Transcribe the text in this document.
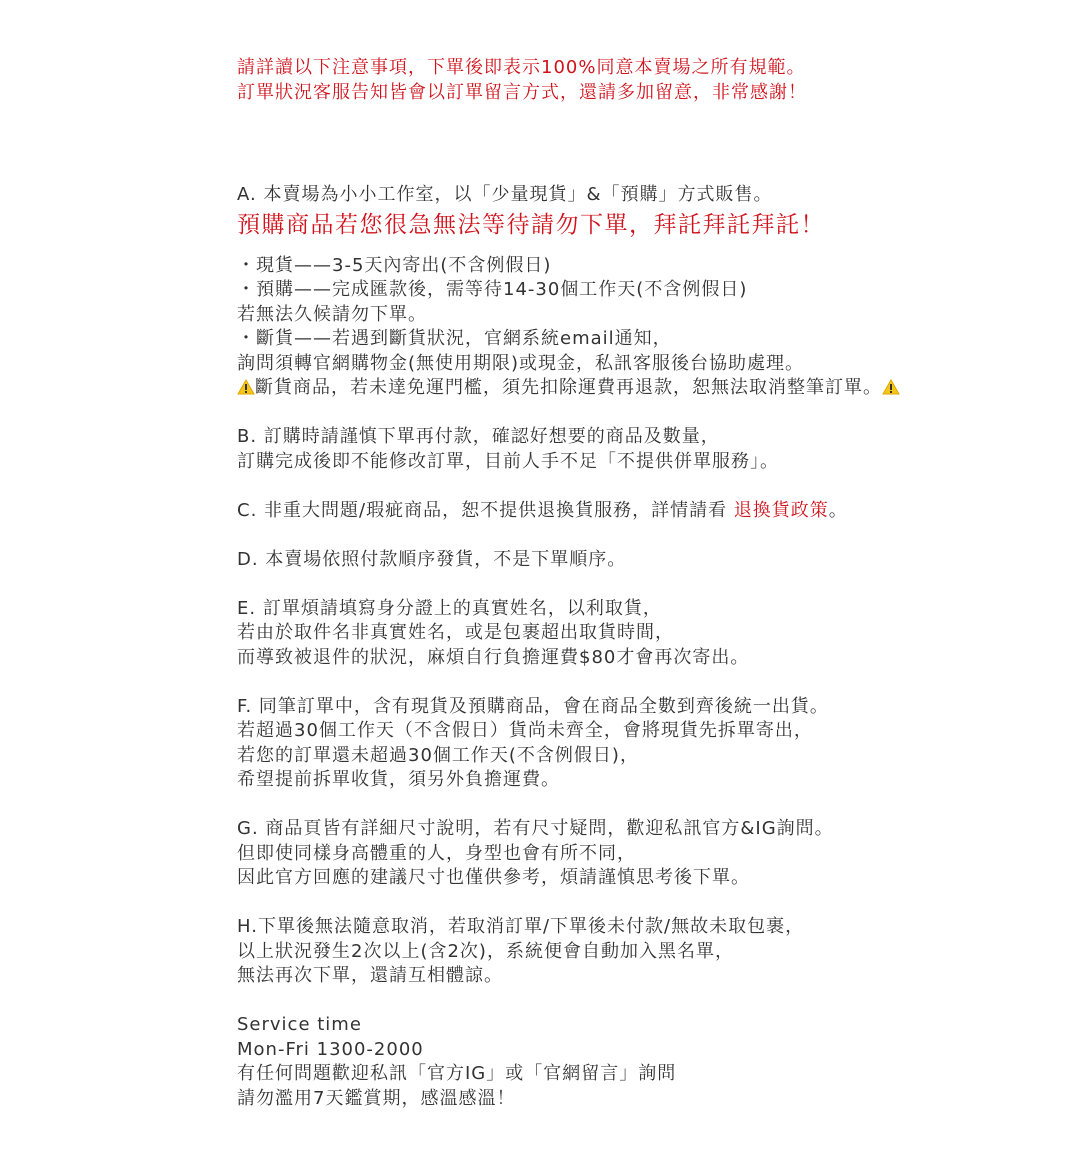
請詳讀以下注意事項，下單後即表示100%同意本賣場之所有規範。

訂單狀況客服告知皆會以訂單留言方式，還請多加留意，非常感謝！

A. 本賣場為小小工作室，以「少量現貨」&「預購」方式販售。

預購商品若您很急無法等待請勿下單，拜託拜託拜託！

・現貨——3-5天內寄出(不含例假日)

・預購——完成匯款後，需等待14-30個工作天(不含例假日)

若無法久候請勿下單。

・斷貨——若遇到斷貨狀況，官網系統email通知，

詢問須轉官網購物金(無使用期限)或現金，私訊客服後台協助處理。

斷貨商品，若未達免運門檻，須先扣除運費再退款，恕無法取消整筆訂單。

B. 訂購時請謹慎下單再付款，確認好想要的商品及數量，

訂購完成後即不能修改訂單，目前人手不足「不提供併單服務」。

C. 非重大問題/瑕疵商品，恕不提供退換貨服務，詳情請看 退換貨政策。

D. 本賣場依照付款順序發貨，不是下單順序。

E. 訂單煩請填寫身分證上的真實姓名，以利取貨，

若由於取件名非真實姓名，或是包裹超出取貨時間，

而導致被退件的狀況，麻煩自行負擔運費$80才會再次寄出。

F. 同筆訂單中，含有現貨及預購商品，會在商品全數到齊後統一出貨。

若超過30個工作天（不含假日）貨尚未齊全，會將現貨先拆單寄出，

若您的訂單還未超過30個工作天(不含例假日)，

希望提前拆單收貨，須另外負擔運費。

G. 商品頁皆有詳細尺寸說明，若有尺寸疑問，歡迎私訊官方&IG詢問。

但即使同樣身高體重的人，身型也會有所不同，

因此官方回應的建議尺寸也僅供參考，煩請謹慎思考後下單。

H.下單後無法隨意取消，若取消訂單/下單後未付款/無故未取包裹，

以上狀況發生2次以上(含2次)，系統便會自動加入黑名單，

無法再次下單，還請互相體諒。

Service time

Mon-Fri 1300-2000

有任何問題歡迎私訊「官方IG」或「官網留言」詢問

請勿濫用7天鑑賞期，感溫感溫！
